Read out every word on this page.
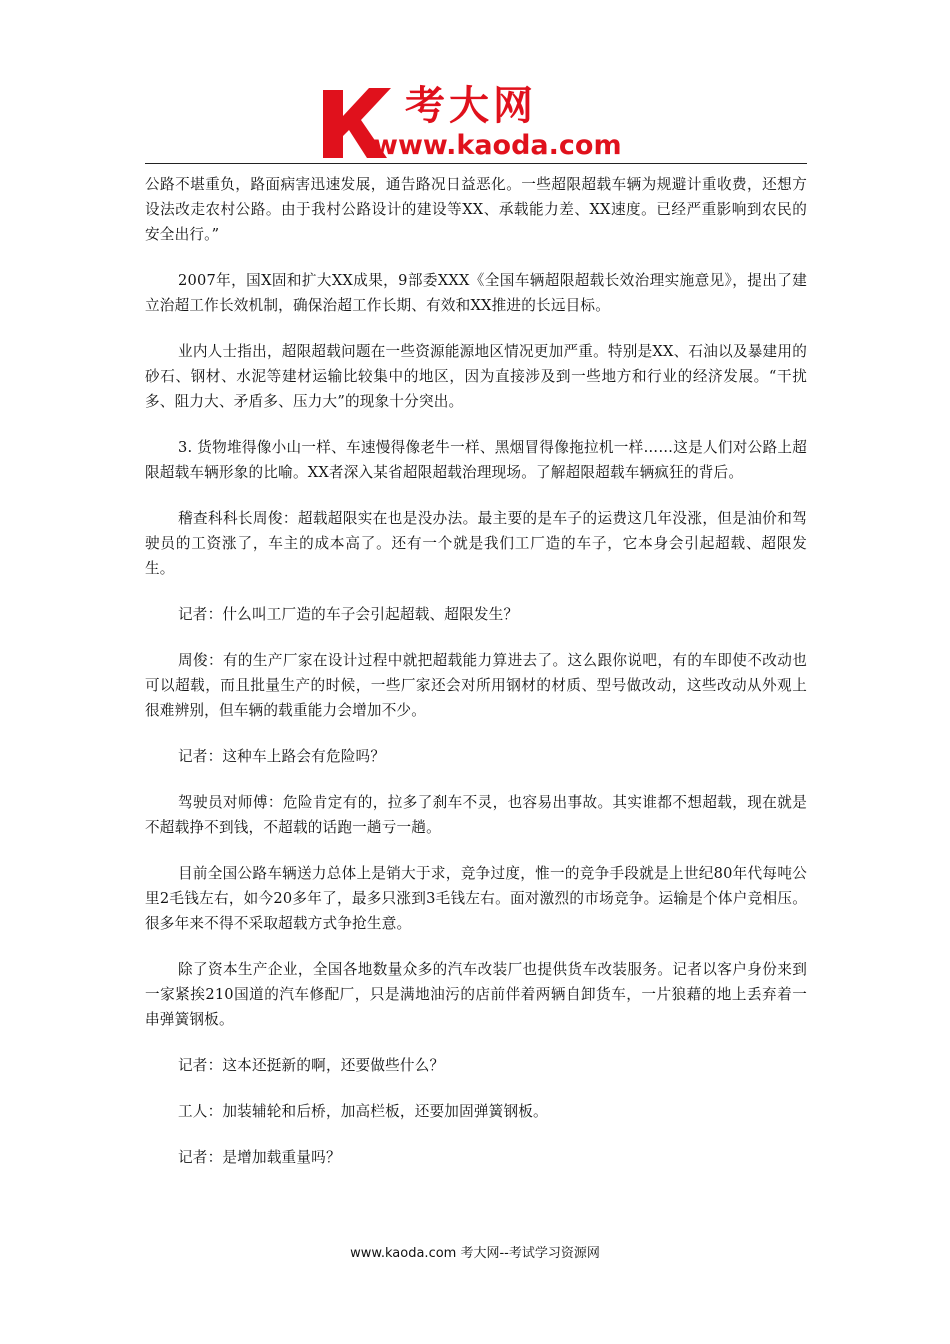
考大网
www.kaoda.com

公路不堪重负，路面病害迅速发展，通告路况日益恶化。一些超限超载车辆为规避计重收费，还想方设法改走农村公路。由于我村公路设计的建设等XX、承载能力差、XX速度。已经严重影响到农民的安全出行。”

2007年，国X固和扩大XX成果，9部委XXX《全国车辆超限超载长效治理实施意见》，提出了建立治超工作长效机制，确保治超工作长期、有效和XX推进的长远目标。

业内人士指出，超限超载问题在一些资源能源地区情况更加严重。特别是XX、石油以及暴建用的砂石、钢材、水泥等建材运输比较集中的地区，因为直接涉及到一些地方和行业的经济发展。“干扰多、阻力大、矛盾多、压力大”的现象十分突出。

3. 货物堆得像小山一样、车速慢得像老牛一样、黑烟冒得像拖拉机一样……这是人们对公路上超限超载车辆形象的比喻。XX者深入某省超限超载治理现场。了解超限超载车辆疯狂的背后。

稽查科科长周俊：超载超限实在也是没办法。最主要的是车子的运费这几年没涨，但是油价和驾驶员的工资涨了，车主的成本高了。还有一个就是我们工厂造的车子，它本身会引起超载、超限发生。

记者：什么叫工厂造的车子会引起超载、超限发生？

周俊：有的生产厂家在设计过程中就把超载能力算进去了。这么跟你说吧，有的车即使不改动也可以超载，而且批量生产的时候，一些厂家还会对所用钢材的材质、型号做改动，这些改动从外观上很难辨别，但车辆的载重能力会增加不少。

记者：这种车上路会有危险吗？

驾驶员对师傅：危险肯定有的，拉多了刹车不灵，也容易出事故。其实谁都不想超载，现在就是不超载挣不到钱，不超载的话跑一趟亏一趟。

目前全国公路车辆送力总体上是销大于求，竞争过度，惟一的竞争手段就是上世纪80年代每吨公里2毛钱左右，如今20多年了，最多只涨到3毛钱左右。面对激烈的市场竞争。运输是个体户竞相压。很多年来不得不采取超载方式争抢生意。

除了资本生产企业，全国各地数量众多的汽车改装厂也提供货车改装服务。记者以客户身份来到一家紧挨210国道的汽车修配厂，只是满地油污的店前伴着两辆自卸货车，一片狼藉的地上丢弃着一串弹簧钢板。

记者：这本还挺新的啊，还要做些什么？

工人：加装辅轮和后桥，加高栏板，还要加固弹簧钢板。

记者：是增加载重量吗？

www.kaoda.com 考大网--考试学习资源网
